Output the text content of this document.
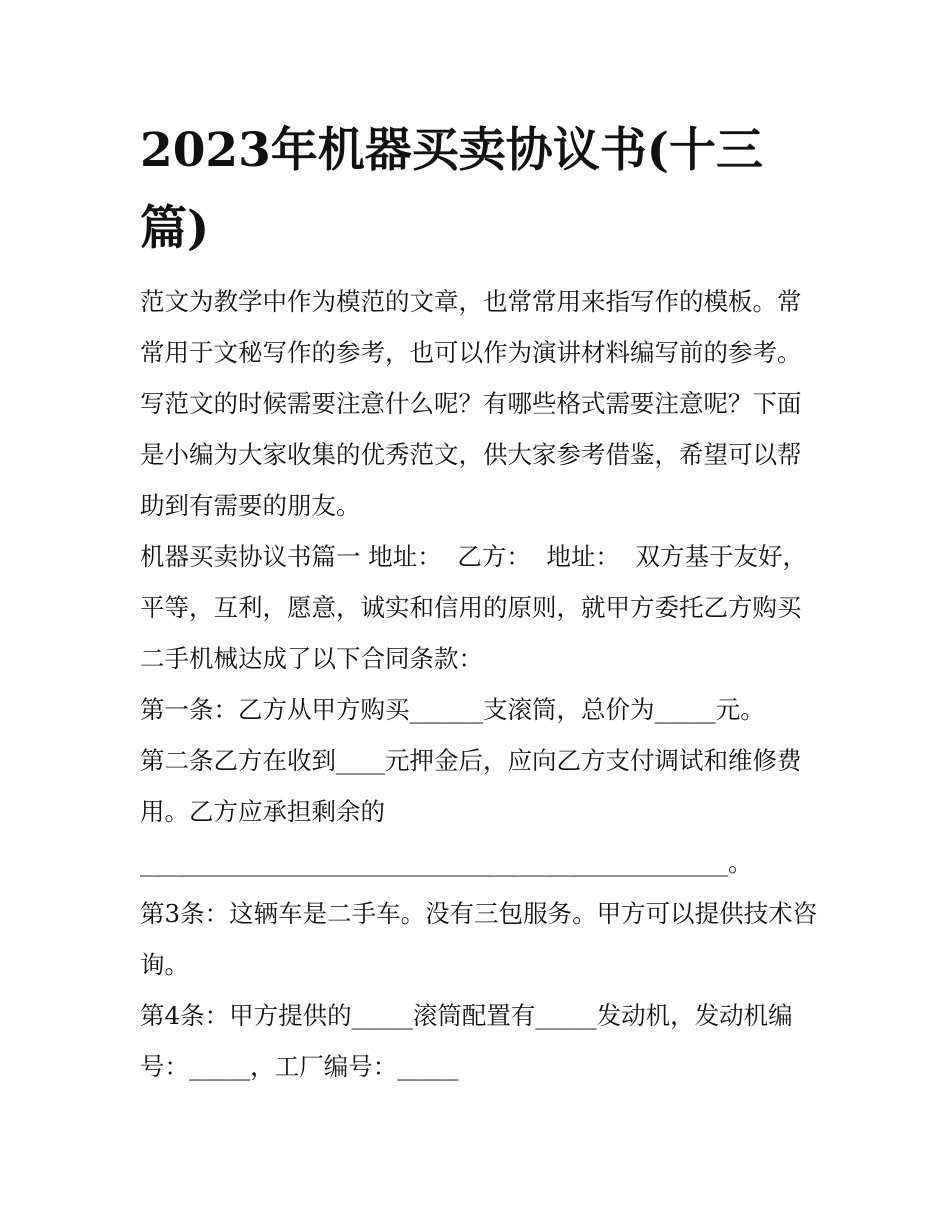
2023年机器买卖协议书(十三篇)

范文为教学中作为模范的文章，也常常用来指写作的模板。常常用于文秘写作的参考，也可以作为演讲材料编写前的参考。写范文的时候需要注意什么呢？有哪些格式需要注意呢？下面是小编为大家收集的优秀范文，供大家参考借鉴，希望可以帮助到有需要的朋友。

机器买卖协议书篇一 地址：  乙方：  地址：  双方基于友好，平等，互利，愿意，诚实和信用的原则，就甲方委托乙方购买二手机械达成了以下合同条款：

第一条：乙方从甲方购买______支滚筒，总价为_____元。

第二条乙方在收到____元押金后，应向乙方支付调试和维修费用。乙方应承担剩余的

________________________________________________。

第3条：这辆车是二手车。没有三包服务。甲方可以提供技术咨询。

第4条：甲方提供的_____滚筒配置有_____发动机，发动机编号：_____，工厂编号：_____
